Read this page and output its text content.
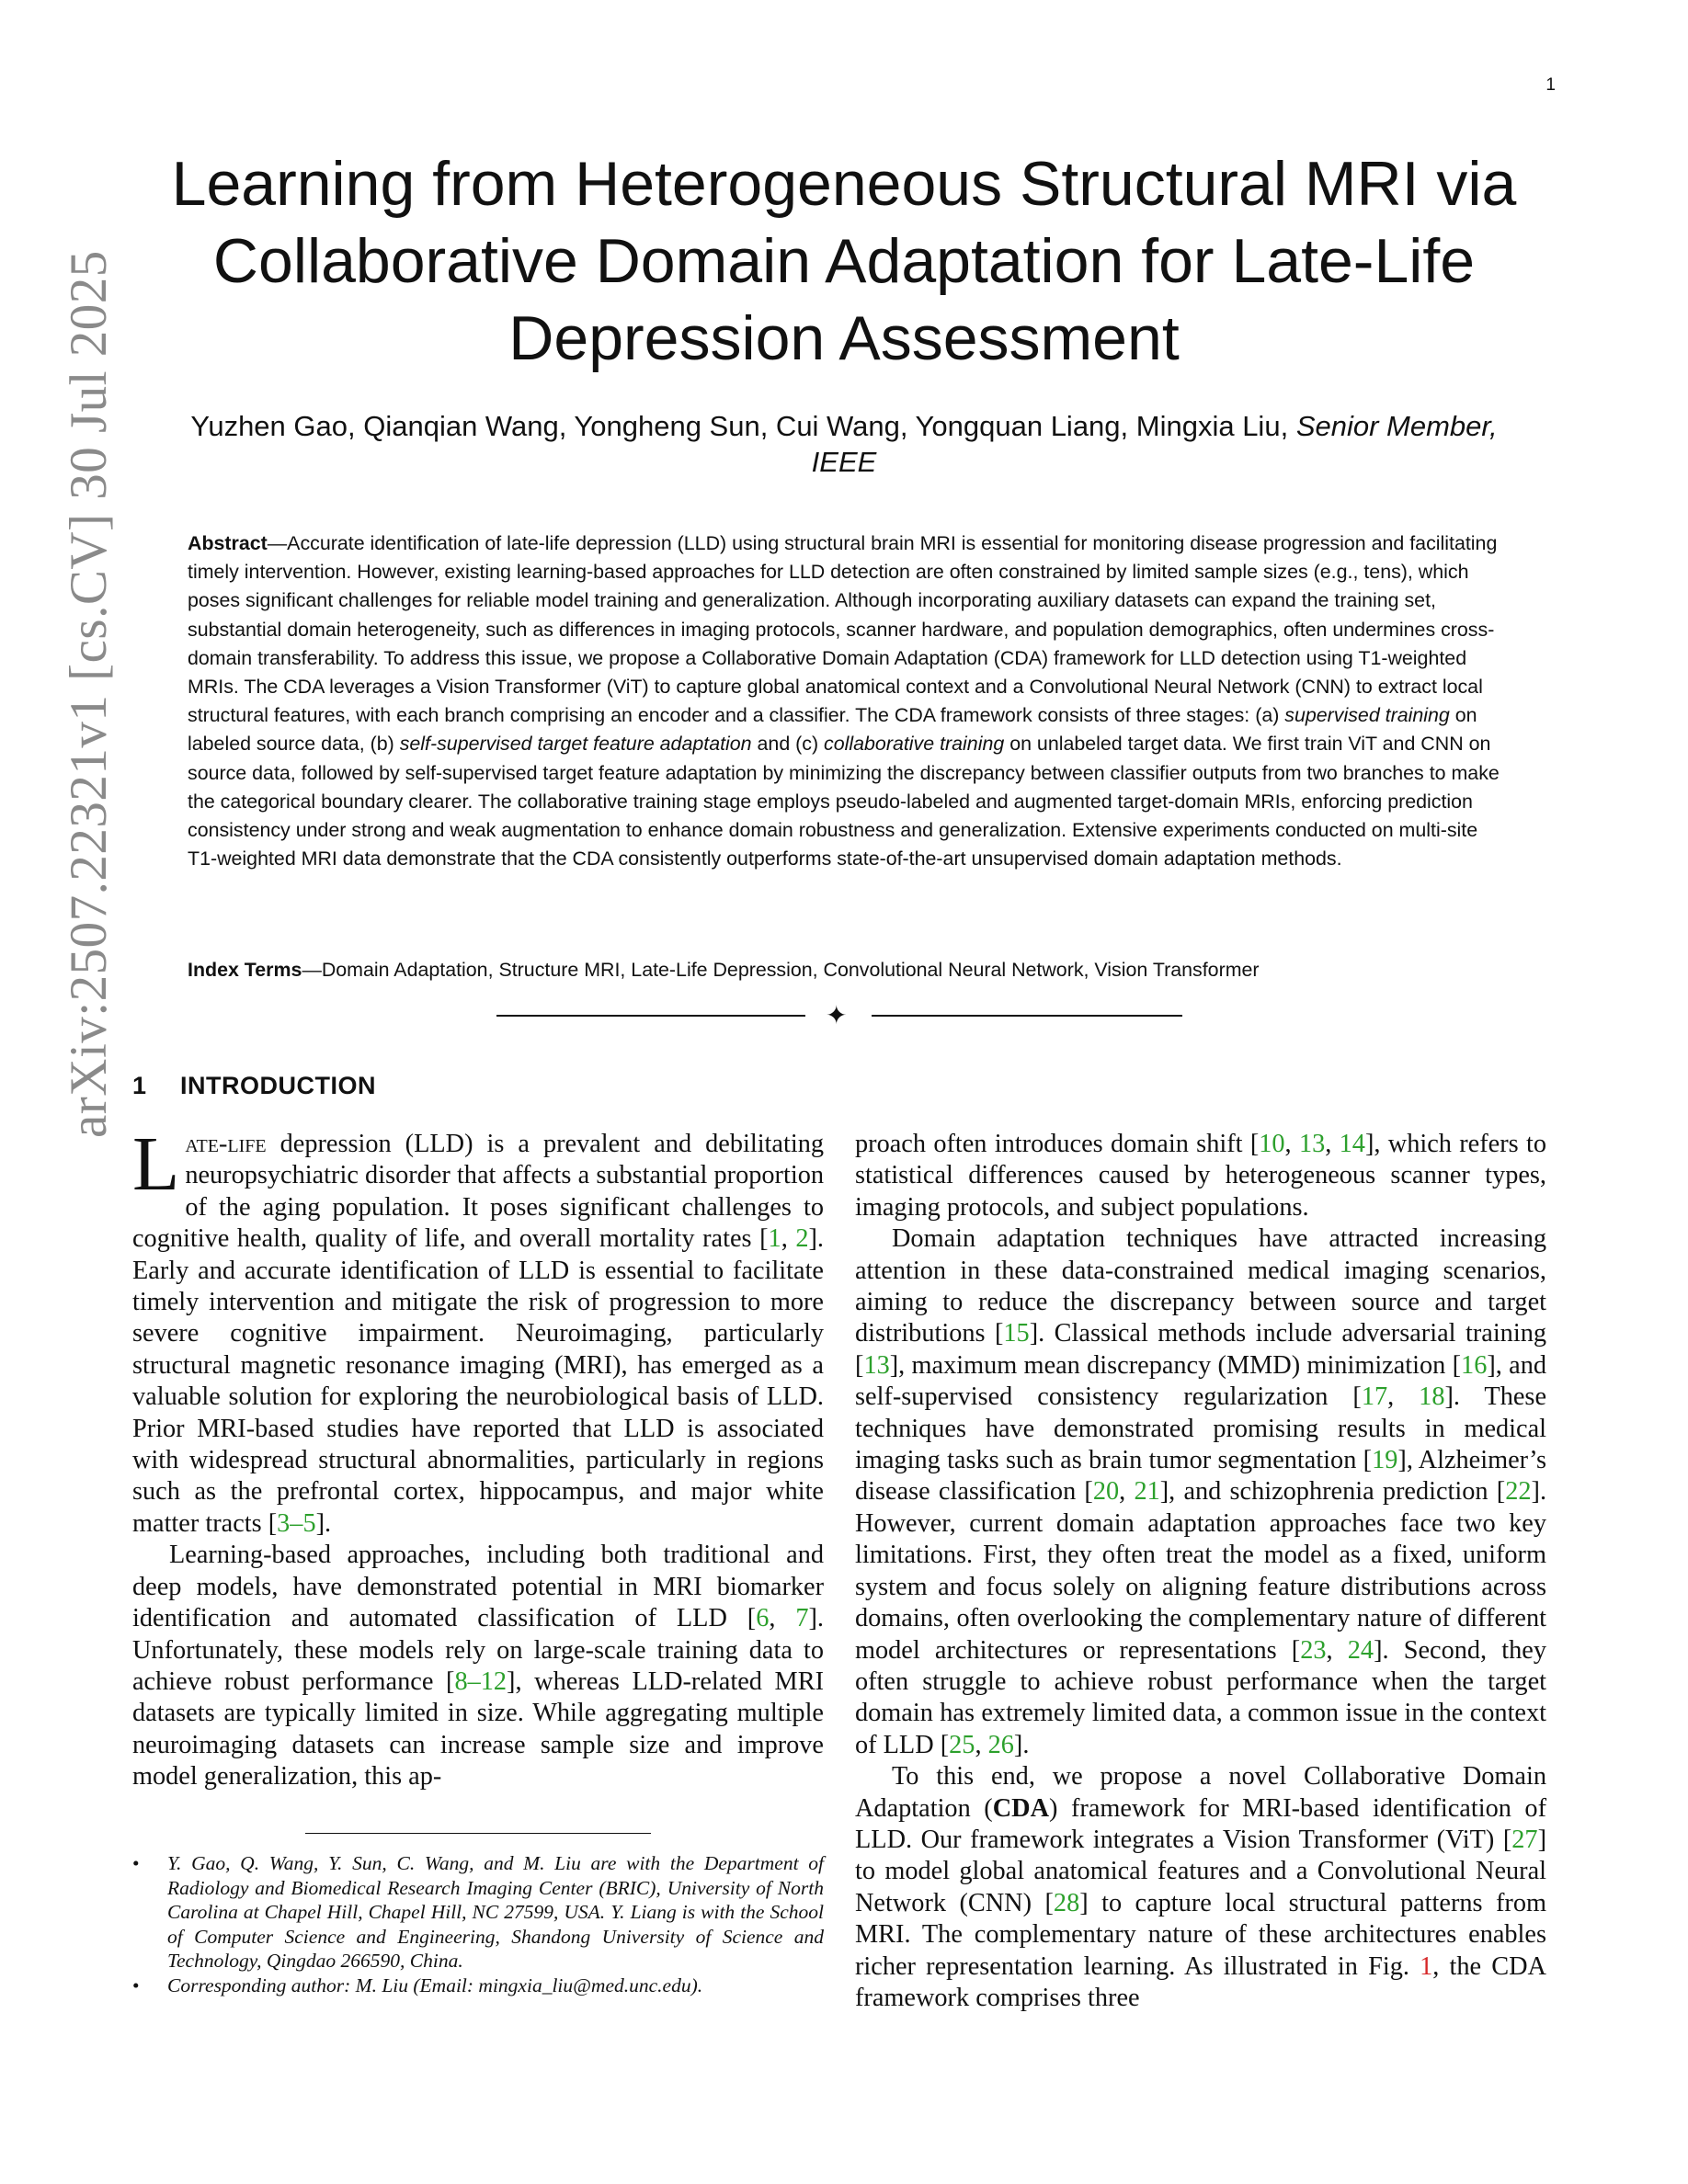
1
arXiv:2507.22321v1 [cs.CV] 30 Jul 2025
Learning from Heterogeneous Structural MRI via
Collaborative Domain Adaptation for Late-Life
Depression Assessment
Yuzhen Gao, Qianqian Wang, Yongheng Sun, Cui Wang, Yongquan Liang, Mingxia Liu, Senior Member, IEEE

Abstract—Accurate identification of late-life depression (LLD) using structural brain MRI is essential for monitoring disease progression and facilitating timely intervention. However, existing learning-based approaches for LLD detection are often constrained by limited sample sizes (e.g., tens), which poses significant challenges for reliable model training and generalization. Although incorporating auxiliary datasets can expand the training set, substantial domain heterogeneity, such as differences in imaging protocols, scanner hardware, and population demographics, often undermines cross-domain transferability. To address this issue, we propose a Collaborative Domain Adaptation (CDA) framework for LLD detection using T1-weighted MRIs. The CDA leverages a Vision Transformer (ViT) to capture global anatomical context and a Convolutional Neural Network (CNN) to extract local structural features, with each branch comprising an encoder and a classifier. The CDA framework consists of three stages: (a) supervised training on labeled source data, (b) self-supervised target feature adaptation and (c) collaborative training on unlabeled target data. We first train ViT and CNN on source data, followed by self-supervised target feature adaptation by minimizing the discrepancy between classifier outputs from two branches to make the categorical boundary clearer. The collaborative training stage employs pseudo-labeled and augmented target-domain MRIs, enforcing prediction consistency under strong and weak augmentation to enhance domain robustness and generalization. Extensive experiments conducted on multi-site T1-weighted MRI data demonstrate that the CDA consistently outperforms state-of-the-art unsupervised domain adaptation methods.

Index Terms—Domain Adaptation, Structure MRI, Late-Life Depression, Convolutional Neural Network, Vision Transformer

✦
1 INTRODUCTION

Late-life depression (LLD) is a prevalent and debilitating neuropsychiatric disorder that affects a substantial proportion of the aging population. It poses significant challenges to cognitive health, quality of life, and overall mortality rates [1, 2]. Early and accurate identification of LLD is essential to facilitate timely intervention and mitigate the risk of progression to more severe cognitive impairment. Neuroimaging, particularly structural magnetic resonance imaging (MRI), has emerged as a valuable solution for exploring the neurobiological basis of LLD. Prior MRI-based studies have reported that LLD is associated with widespread structural abnormalities, particularly in regions such as the prefrontal cortex, hippocampus, and major white matter tracts [3–5].

Learning-based approaches, including both traditional and deep models, have demonstrated potential in MRI biomarker identification and automated classification of LLD [6, 7]. Unfortunately, these models rely on large-scale training data to achieve robust performance [8–12], whereas LLD-related MRI datasets are typically limited in size. While aggregating multiple neuroimaging datasets can increase sample size and improve model generalization, this ap-

proach often introduces domain shift [10, 13, 14], which refers to statistical differences caused by heterogeneous scanner types, imaging protocols, and subject populations.

Domain adaptation techniques have attracted increasing attention in these data-constrained medical imaging scenarios, aiming to reduce the discrepancy between source and target distributions [15]. Classical methods include adversarial training [13], maximum mean discrepancy (MMD) minimization [16], and self-supervised consistency regularization [17, 18]. These techniques have demonstrated promising results in medical imaging tasks such as brain tumor segmentation [19], Alzheimer’s disease classification [20, 21], and schizophrenia prediction [22]. However, current domain adaptation approaches face two key limitations. First, they often treat the model as a fixed, uniform system and focus solely on aligning feature distributions across domains, often overlooking the complementary nature of different model architectures or representations [23, 24]. Second, they often struggle to achieve robust performance when the target domain has extremely limited data, a common issue in the context of LLD [25, 26].

To this end, we propose a novel Collaborative Domain Adaptation (CDA) framework for MRI-based identification of LLD. Our framework integrates a Vision Transformer (ViT) [27] to model global anatomical features and a Convolutional Neural Network (CNN) [28] to capture local structural patterns from MRI. The complementary nature of these architectures enables richer representation learning. As illustrated in Fig. 1, the CDA framework comprises three

• Y. Gao, Q. Wang, Y. Sun, C. Wang, and M. Liu are with the Department of Radiology and Biomedical Research Imaging Center (BRIC), University of North Carolina at Chapel Hill, Chapel Hill, NC 27599, USA. Y. Liang is with the School of Computer Science and Engineering, Shandong University of Science and Technology, Qingdao 266590, China.
• Corresponding author: M. Liu (Email: mingxia_liu@med.unc.edu).
